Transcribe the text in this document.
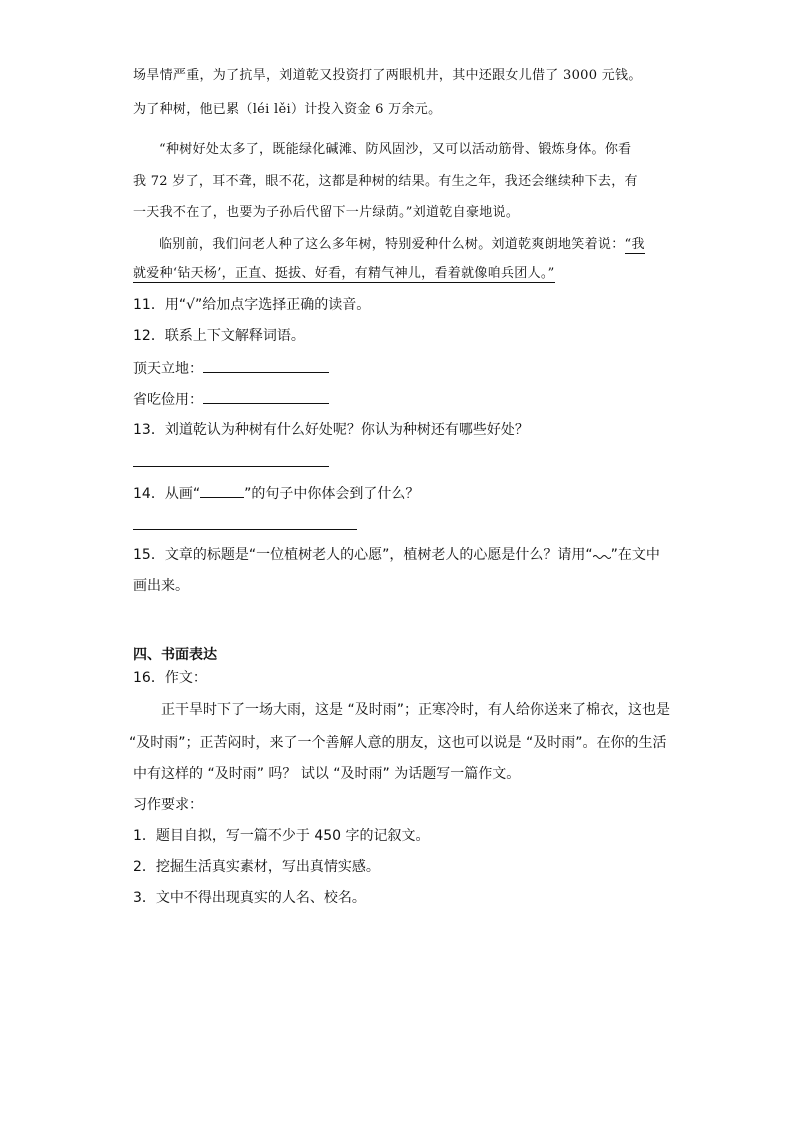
场旱情严重，为了抗旱，刘道乾又投资打了两眼机井，其中还跟女儿借了 3000 元钱。
为了种树，他已累（léi lěi）计投入资金 6 万余元。
“种树好处太多了，既能绿化碱滩、防风固沙，又可以活动筋骨、锻炼身体。你看
我 72 岁了，耳不聋，眼不花，这都是种树的结果。有生之年，我还会继续种下去，有
一天我不在了，也要为子孙后代留下一片绿荫。”刘道乾自豪地说。
临别前，我们问老人种了这么多年树，特别爱种什么树。刘道乾爽朗地笑着说：“我
就爱种‘钻天杨’，正直、挺拔、好看，有精气神儿，看着就像咱兵团人。”
11．用“√”给加点字选择正确的读音。
12．联系上下文解释词语。
顶天立地：
省吃俭用：
13．刘道乾认为种树有什么好处呢？你认为种树还有哪些好处？
14．从画“	”的句子中你体会到了什么？
15．文章的标题是“一位植树老人的心愿”，植树老人的心愿是什么？请用“ ”在文中
画出来。
四、书面表达
16．作文：
正干旱时下了一场大雨，这是 “及时雨”；正寒冷时，有人给你送来了棉衣，这也是
“及时雨”；正苦闷时，来了一个善解人意的朋友，这也可以说是 “及时雨”。在你的生活
中有这样的 “及时雨” 吗？ 试以 “及时雨” 为话题写一篇作文。
习作要求：
1．题目自拟，写一篇不少于 450 字的记叙文。
2．挖掘生活真实素材，写出真情实感。
3．文中不得出现真实的人名、校名。
